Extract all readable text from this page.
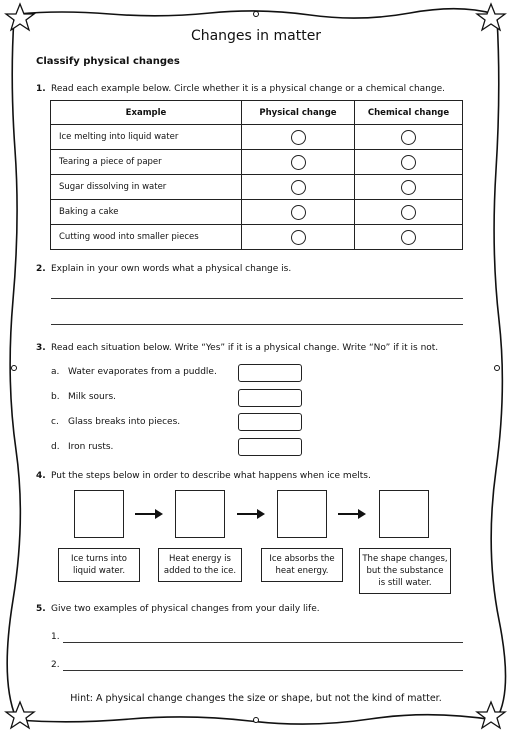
Changes in matter
Classify physical changes
1. Read each example below. Circle whether it is a physical change or a chemical change.
Example	Physical change	Chemical change
Ice melting into liquid water		
Tearing a piece of paper		
Sugar dissolving in water		
Baking a cake		
Cutting wood into smaller pieces		
2. Explain in your own words what a physical change is.
3. Read each situation below. Write “Yes” if it is a physical change. Write “No” if it is not.
a. Water evaporates from a puddle.
b. Milk sours.
c. Glass breaks into pieces.
d. Iron rusts.
4. Put the steps below in order to describe what happens when ice melts.
Ice turns into
liquid water.
Heat energy is
added to the ice.
Ice absorbs the
heat energy.
The shape changes,
but the substance
is still water.
5. Give two examples of physical changes from your daily life.
1.
2.
Hint: A physical change changes the size or shape, but not the kind of matter.
